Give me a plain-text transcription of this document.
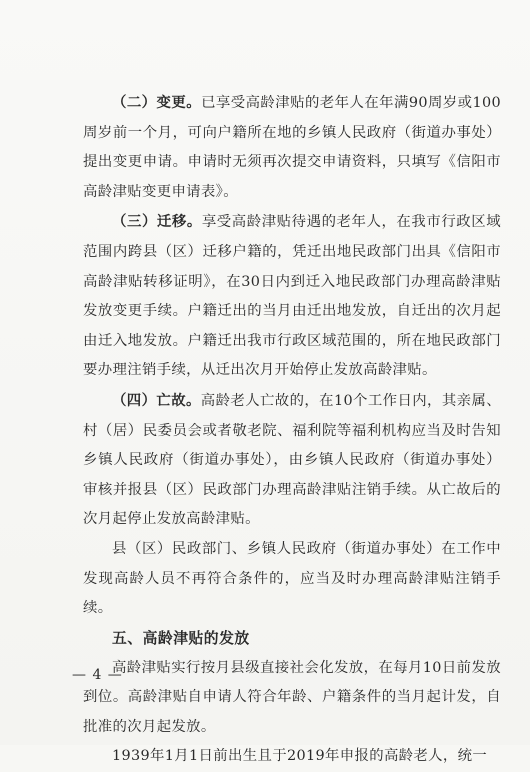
（二）变更。已享受高龄津贴的老年人在年满90周岁或100周岁前一个月，可向户籍所在地的乡镇人民政府（街道办事处）提出变更申请。申请时无须再次提交申请资料，只填写《信阳市高龄津贴变更申请表》。

（三）迁移。享受高龄津贴待遇的老年人，在我市行政区域范围内跨县（区）迁移户籍的，凭迁出地民政部门出具《信阳市高龄津贴转移证明》，在30日内到迁入地民政部门办理高龄津贴发放变更手续。户籍迁出的当月由迁出地发放，自迁出的次月起由迁入地发放。户籍迁出我市行政区域范围的，所在地民政部门要办理注销手续，从迁出次月开始停止发放高龄津贴。

（四）亡故。高龄老人亡故的，在10个工作日内，其亲属、村（居）民委员会或者敬老院、福利院等福利机构应当及时告知乡镇人民政府（街道办事处），由乡镇人民政府（街道办事处）审核并报县（区）民政部门办理高龄津贴注销手续。从亡故后的次月起停止发放高龄津贴。

县（区）民政部门、乡镇人民政府（街道办事处）在工作中发现高龄人员不再符合条件的，应当及时办理高龄津贴注销手续。

五、高龄津贴的发放

高龄津贴实行按月县级直接社会化发放，在每月10日前发放到位。高龄津贴自申请人符合年龄、户籍条件的当月起计发，自批准的次月起发放。

1939年1月1日前出生且于2019年申报的高龄老人，统一

— 4 —
